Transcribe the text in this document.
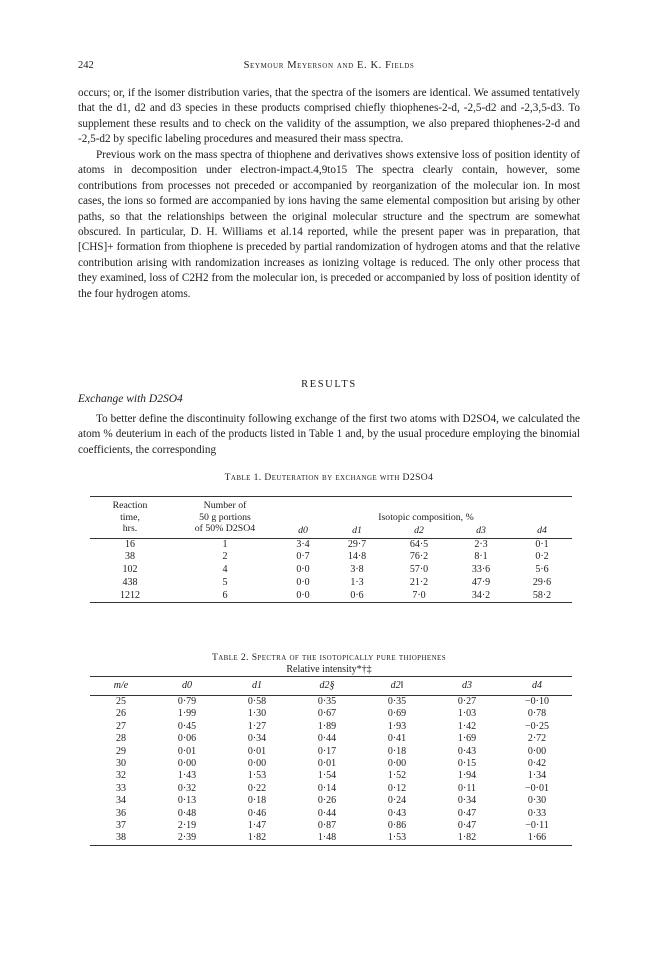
242	Seymour Meyerson and E. K. Fields

occurs; or, if the isomer distribution varies, that the spectra of the isomers are identical. We assumed tentatively that the d1, d2 and d3 species in these products comprised chiefly thiophenes-2-d, -2,5-d2 and -2,3,5-d3. To supplement these results and to check on the validity of the assumption, we also prepared thiophenes-2-d and -2,5-d2 by specific labeling procedures and measured their mass spectra.

Previous work on the mass spectra of thiophene and derivatives shows extensive loss of position identity of atoms in decomposition under electron-impact.4,9to15 The spectra clearly contain, however, some contributions from processes not preceded or accompanied by reorganization of the molecular ion. In most cases, the ions so formed are accompanied by ions having the same elemental composition but arising by other paths, so that the relationships between the original molecular structure and the spectrum are somewhat obscured. In particular, D. H. Williams et al.14 reported, while the present paper was in preparation, that [CHS]+ formation from thiophene is preceded by partial randomization of hydrogen atoms and that the relative contribution arising with randomization increases as ionizing voltage is reduced. The only other process that they examined, loss of C2H2 from the molecular ion, is preceded or accompanied by loss of position identity of the four hydrogen atoms.

RESULTS
Exchange with D2SO4

To better define the discontinuity following exchange of the first two atoms with D2SO4, we calculated the atom % deuterium in each of the products listed in Table 1 and, by the usual procedure employing the binomial coefficients, the corresponding

Table 1. Deuteration by exchange with D2SO4
Reaction	Number of					
time,	50 g portions	Isotopic composition, %				
hrs.	of 50% D2SO4	d0	d1	d2	d3	d4
16	1	3·4	29·7	64·5	2·3	0·1
38	2	0·7	14·8	76·2	8·1	0·2
102	4	0·0	3·8	57·0	33·6	5·6
438	5	0·0	1·3	21·2	47·9	29·6
1212	6	0·0	0·6	7·0	34·2	58·2
Table 2. Spectra of the isotopically pure thiophenes
Relative intensity*†‡
m/e	d0	d1	d2§	d2‖	d3	d4
25	0·79	0·58	0·35	0·35	0·27	−0·10
26	1·99	1·30	0·67	0·69	1·03	0·78
27	0·45	1·27	1·89	1·93	1·42	−0·25
28	0·06	0·34	0·44	0·41	1·69	2·72
29	0·01	0·01	0·17	0·18	0·43	0·00
30	0·00	0·00	0·01	0·00	0·15	0·42
32	1·43	1·53	1·54	1·52	1·94	1·34
33	0·32	0·22	0·14	0·12	0·11	−0·01
34	0·13	0·18	0·26	0·24	0·34	0·30
36	0·48	0·46	0·44	0·43	0·47	0·33
37	2·19	1·47	0·87	0·86	0·47	−0·11
38	2·39	1·82	1·48	1·53	1·82	1·66
